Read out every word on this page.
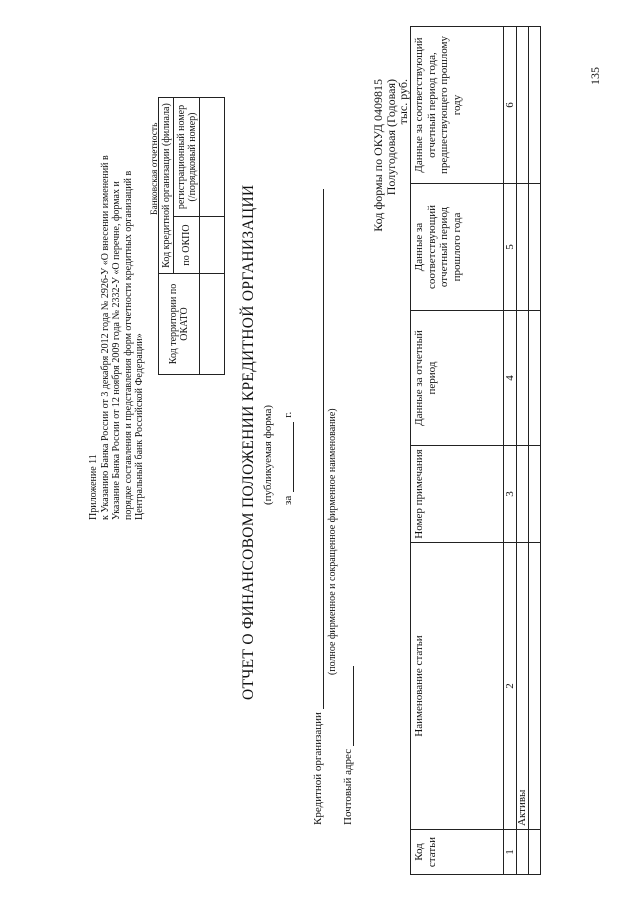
Приложение 11 к Указанию Банка России от 3 декабря 2012 года № 2926-У «О внесении изменений в Указание Банка России от 12 ноября 2009 года № 2332-У «О перечне, формах и порядке составления и представления форм отчетности кредитных организаций в Центральный банк Российской Федерации»
Банковская отчетность
Код территории по ОКАТО	Код кредитной организации (филиала)	
	по ОКПО	регистрационный номер (/порядковый номер)

ОТЧЕТ О ФИНАНСОВОМ ПОЛОЖЕНИИ КРЕДИТНОЙ ОРГАНИЗАЦИИ (публикуемая форма) заг.
Кредитной организации
(полное фирменное и сокращенное фирменное наименование)
Почтовый адрес
Код формы по ОКУД 0409815
Полугодовая (Годовая)
тыс. руб.
Код статьи	Наименование статьи	Номер примечания	Данные за отчетный период	Данные за соответствующий отчетный период прошлого года	Данные за соответствующий отчетный период года, предшествующего прошлому году
1	2	3	4	5	6
	Активы				

135
